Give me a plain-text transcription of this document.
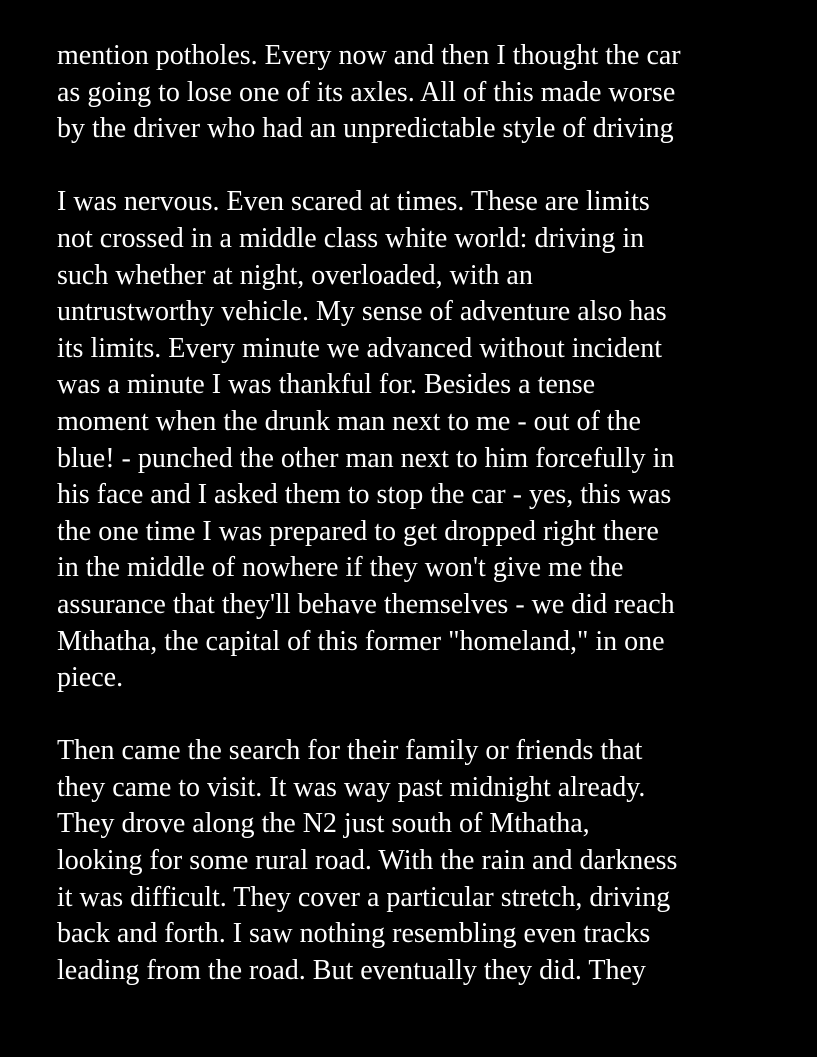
mention potholes. Every now and then I thought the car
as going to lose one of its axles. All of this made worse
by the driver who had an unpredictable style of driving
I was nervous. Even scared at times. These are limits
not crossed in a middle class white world: driving in
such whether at night, overloaded, with an
untrustworthy vehicle. My sense of adventure also has
its limits. Every minute we advanced without incident
was a minute I was thankful for. Besides a tense
moment when the drunk man next to me - out of the
blue! - punched the other man next to him forcefully in
his face and I asked them to stop the car - yes, this was
the one time I was prepared to get dropped right there
in the middle of nowhere if they won't give me the
assurance that they'll behave themselves - we did reach
Mthatha, the capital of this former "homeland," in one
piece.
Then came the search for their family or friends that
they came to visit. It was way past midnight already.
They drove along the N2 just south of Mthatha,
looking for some rural road. With the rain and darkness
it was difficult. They cover a particular stretch, driving
back and forth. I saw nothing resembling even tracks
leading from the road. But eventually they did. They
